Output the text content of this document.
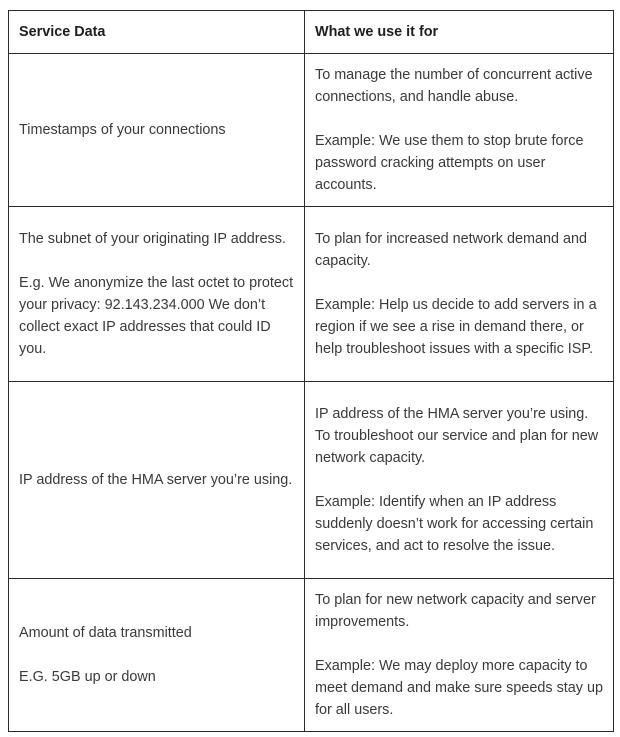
Service Data	What we use it for

Timestamps of your connections	To manage the number of concurrent active connections, and handle abuse.
Example: We use them to stop brute force password cracking attempts on user accounts.

The subnet of your originating IP address.
E.g. We anonymize the last octet to protect your privacy: 92.143.234.000 We don’t collect exact IP addresses that could ID you.	To plan for increased network demand and capacity.
Example: Help us decide to add servers in a region if we see a rise in demand there, or help troubleshoot issues with a specific ISP.

IP address of the HMA server you’re using.	IP address of the HMA server you’re using. To troubleshoot our service and plan for new network capacity.
Example: Identify when an IP address suddenly doesn’t work for accessing certain services, and act to resolve the issue.

Amount of data transmitted
E.G. 5GB up or down	To plan for new network capacity and server improvements.
Example: We may deploy more capacity to meet demand and make sure speeds stay up for all users.
